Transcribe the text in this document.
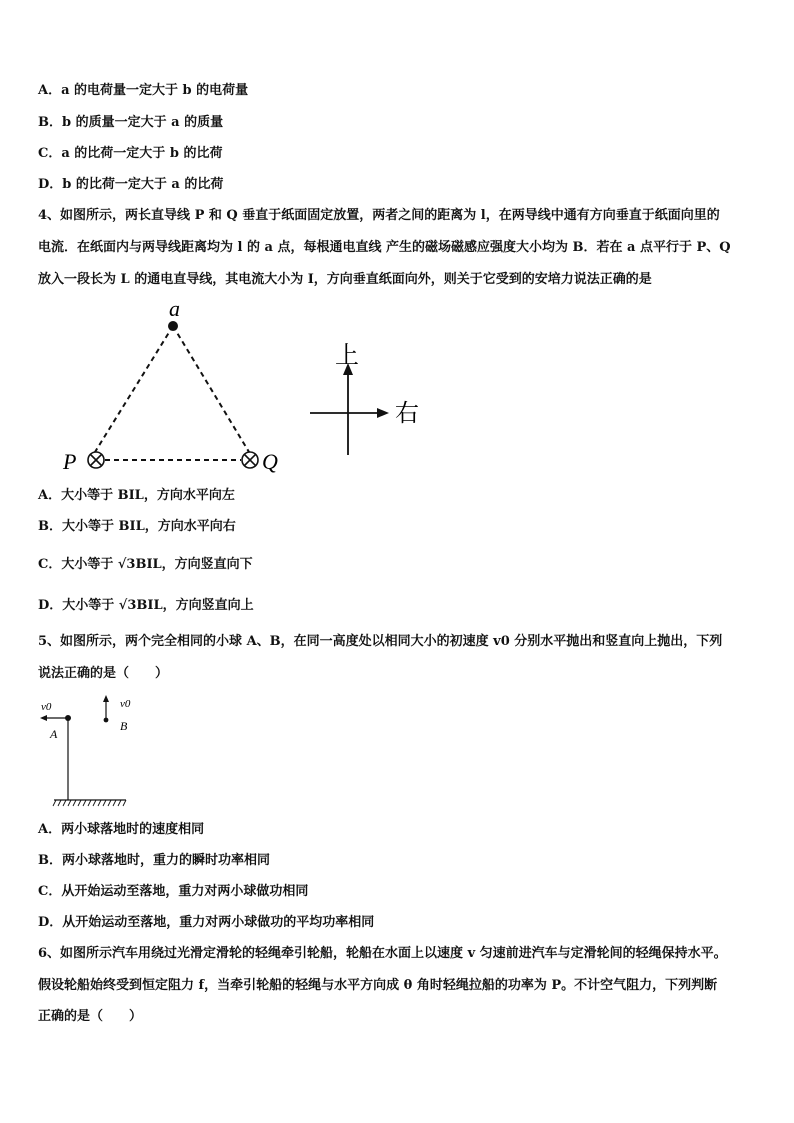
A．a 的电荷量一定大于 b 的电荷量
B．b 的质量一定大于 a 的质量
C．a 的比荷一定大于 b 的比荷
D．b 的比荷一定大于 a 的比荷
4、如图所示，两长直导线 P 和 Q 垂直于纸面固定放置，两者之间的距离为 l，在两导线中通有方向垂直于纸面向里的
电流．在纸面内与两导线距离均为 l 的 a 点，每根通电直线 产生的磁场磁感应强度大小均为 B．若在 a 点平行于 P、Q
放入一段长为 L 的通电直导线，其电流大小为 I，方向垂直纸面向外，则关于它受到的安培力说法正确的是
a
P	Q
上
右
A．大小等于 BIL，方向水平向左
B．大小等于 BIL，方向水平向右
C．大小等于 √3BIL，方向竖直向下
D．大小等于 √3BIL，方向竖直向上
5、如图所示，两个完全相同的小球 A、B，在同一高度处以相同大小的初速度 v0 分别水平抛出和竖直向上抛出，下列
说法正确的是（　　）
v0
A
v0
B
A．两小球落地时的速度相同
B．两小球落地时，重力的瞬时功率相同
C．从开始运动至落地，重力对两小球做功相同
D．从开始运动至落地，重力对两小球做功的平均功率相同
6、如图所示汽车用绕过光滑定滑轮的轻绳牵引轮船，轮船在水面上以速度 v 匀速前进汽车与定滑轮间的轻绳保持水平。
假设轮船始终受到恒定阻力 f，当牵引轮船的轻绳与水平方向成 θ 角时轻绳拉船的功率为 P。不计空气阻力，下列判断
正确的是（　　）
